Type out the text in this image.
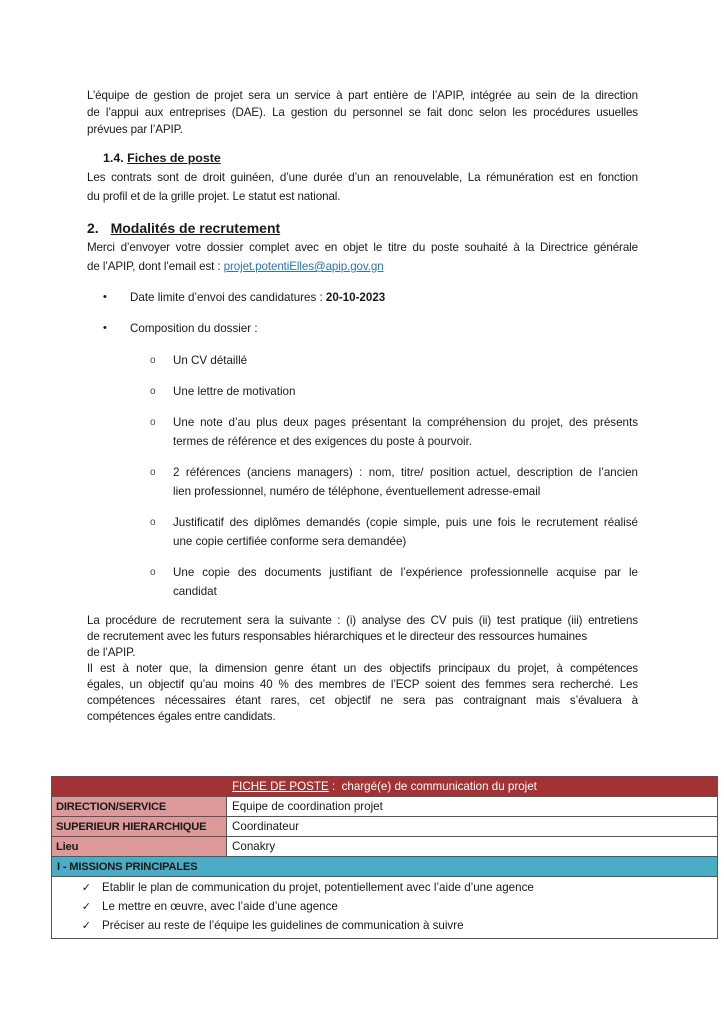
L’équipe de gestion de projet sera un service à part entière de l’APIP, intégrée au sein de la direction
de l’appui aux entreprises (DAE). La gestion du personnel se fait donc selon les procédures usuelles
prévues par l’APIP.
1.4. Fiches de poste
Les contrats sont de droit guinéen, d’une durée d’un an renouvelable, La rémunération est en fonction
du profil et de la grille projet. Le statut est national.
2. Modalités de recrutement
Merci d’envoyer votre dossier complet avec en objet le titre du poste souhaité à la Directrice générale
de l’APIP, dont l’email est : projet.potentiElles@apip.gov.gn
•	Date limite d’envoi des candidatures : 20-10-2023
•	Composition du dossier :
o Un CV détaillé
o Une lettre de motivation
o Une note d’au plus deux pages présentant la compréhension du projet, des présents
termes de référence et des exigences du poste à pourvoir.
o 2 références (anciens managers) : nom, titre/ position actuel, description de l’ancien
lien professionnel, numéro de téléphone, éventuellement adresse-email
o Justificatif des diplômes demandés (copie simple, puis une fois le recrutement réalisé
une copie certifiée conforme sera demandée)
o Une copie des documents justifiant de l’expérience professionnelle acquise par le
candidat
La procédure de recrutement sera la suivante : (i) analyse des CV puis (ii) test pratique (iii) entretiens
de recrutement avec les futurs responsables hiérarchiques et le directeur des ressources humaines
de l’APIP.
Il est à noter que, la dimension genre étant un des objectifs principaux du projet, à compétences
égales, un objectif qu’au moins 40 % des membres de l’ECP soient des femmes sera recherché. Les
compétences nécessaires étant rares, cet objectif ne sera pas contraignant mais s’évaluera à
compétences égales entre candidats.
FICHE DE POSTE :  chargé(e) de communication du projet
DIRECTION/SERVICE	Equipe de coordination projet
SUPERIEUR HIERARCHIQUE	Coordinateur
Lieu	Conakry
I - MISSIONS PRINCIPALES
✓ Etablir le plan de communication du projet, potentiellement avec l’aide d’une agence
✓ Le mettre en œuvre, avec l’aide d’une agence
✓ Préciser au reste de l’équipe les guidelines de communication à suivre
